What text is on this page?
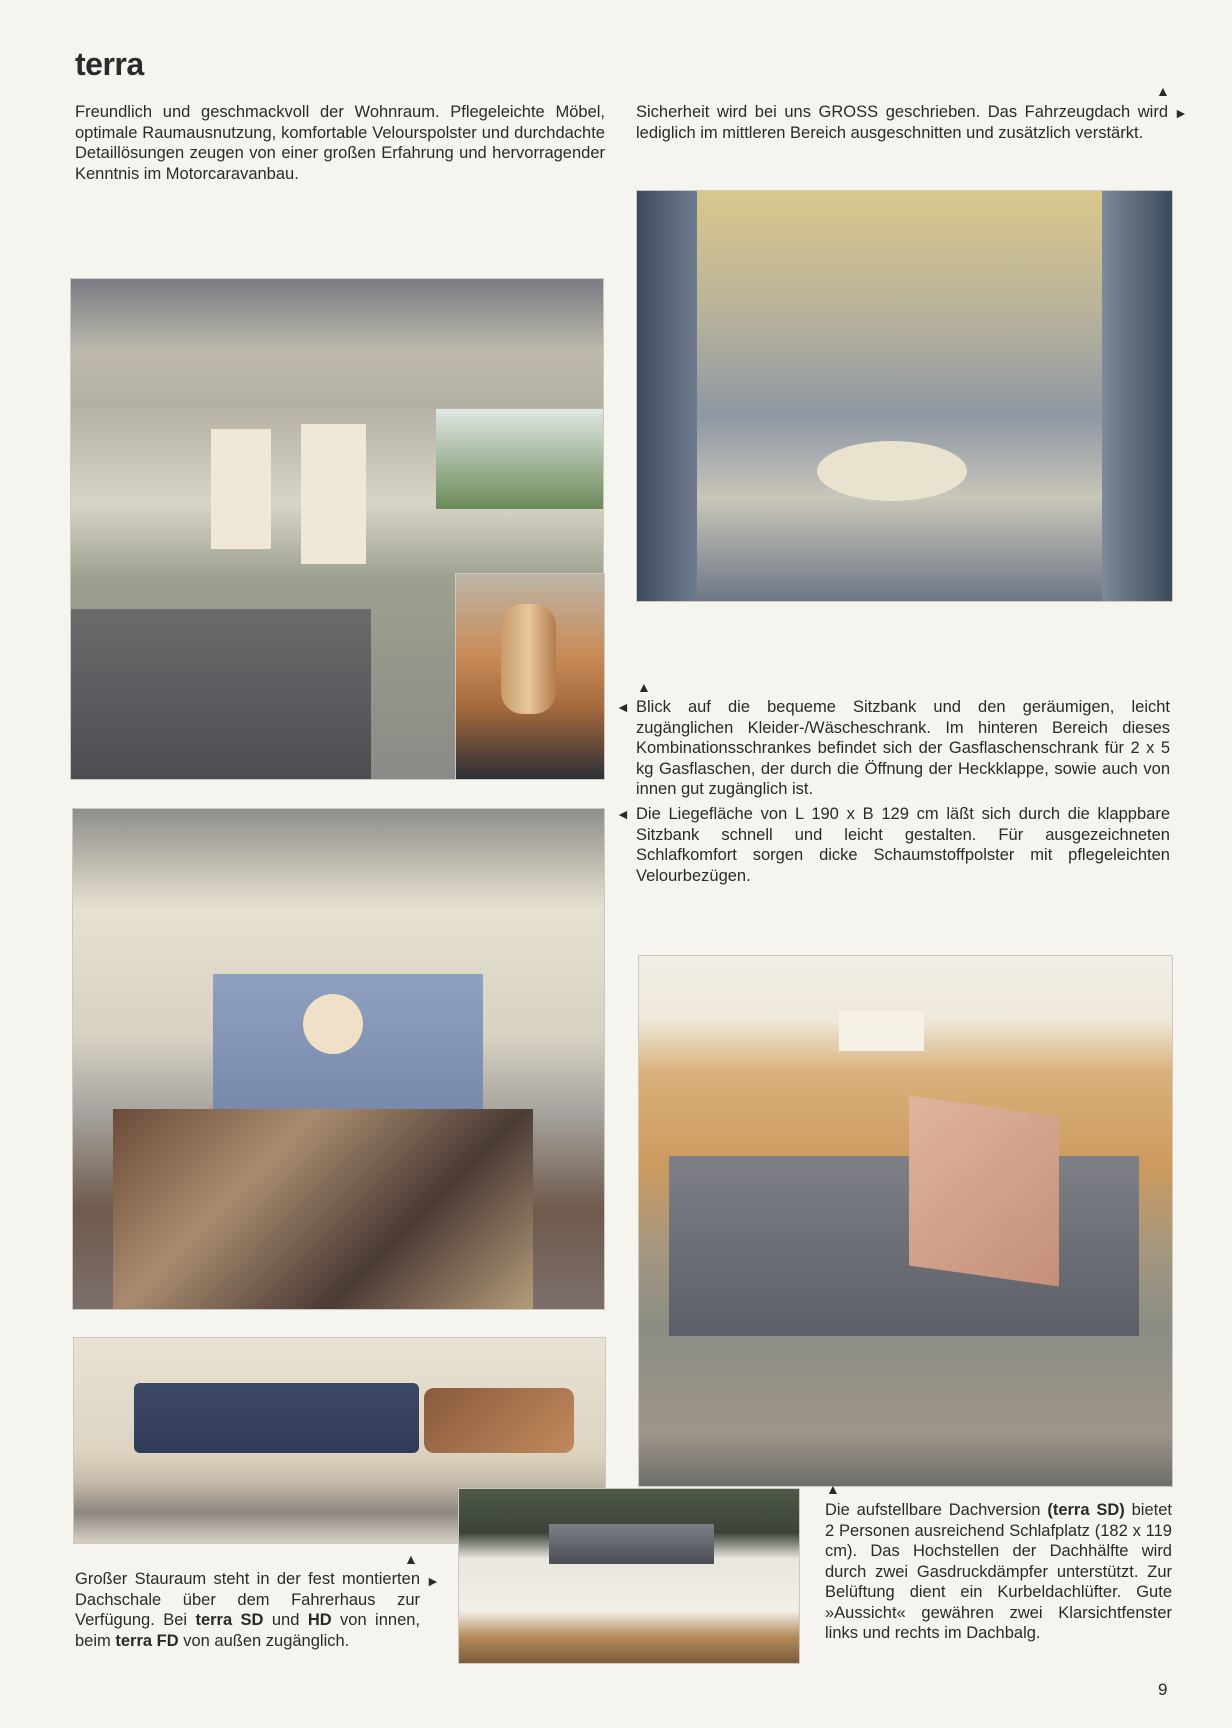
terra
Freundlich und geschmackvoll der Wohnraum. Pflegeleichte Möbel, optimale Raumausnutzung, komfortable Velourspolster und durchdachte Detaillösungen zeugen von einer großen Erfahrung und hervorragender Kenntnis im Motorcaravanbau.
▲
Sicherheit wird bei uns GROSS geschrieben. Das Fahrzeugdach wird lediglich im mittleren Bereich ausgeschnitten und zusätzlich verstärkt.
►
▲
◄ Blick auf die bequeme Sitzbank und den geräumigen, leicht zugänglichen Kleider-/Wäscheschrank. Im hinteren Bereich dieses Kombinationsschrankes befindet sich der Gasflaschenschrank für 2 x 5 kg Gasflaschen, der durch die Öffnung der Heckklappe, sowie auch von innen gut zugänglich ist.
◄ Die Liegefläche von L 190 x B 129 cm läßt sich durch die klappbare Sitzbank schnell und leicht gestalten. Für ausgezeichneten Schlafkomfort sorgen dicke Schaumstoffpolster mit pflegeleichten Velourbezügen.
▲
►
Großer Stauraum steht in der fest montierten Dachschale über dem Fahrerhaus zur Verfügung. Bei terra SD und HD von innen, beim terra FD von außen zugänglich.
▲
Die aufstellbare Dachversion (terra SD) bietet 2 Personen ausreichend Schlafplatz (182 x 119 cm). Das Hochstellen der Dachhälfte wird durch zwei Gasdruckdämpfer unterstützt. Zur Belüftung dient ein Kurbeldachlüfter. Gute »Aussicht« gewähren zwei Klarsichtfenster links und rechts im Dachbalg.
9
